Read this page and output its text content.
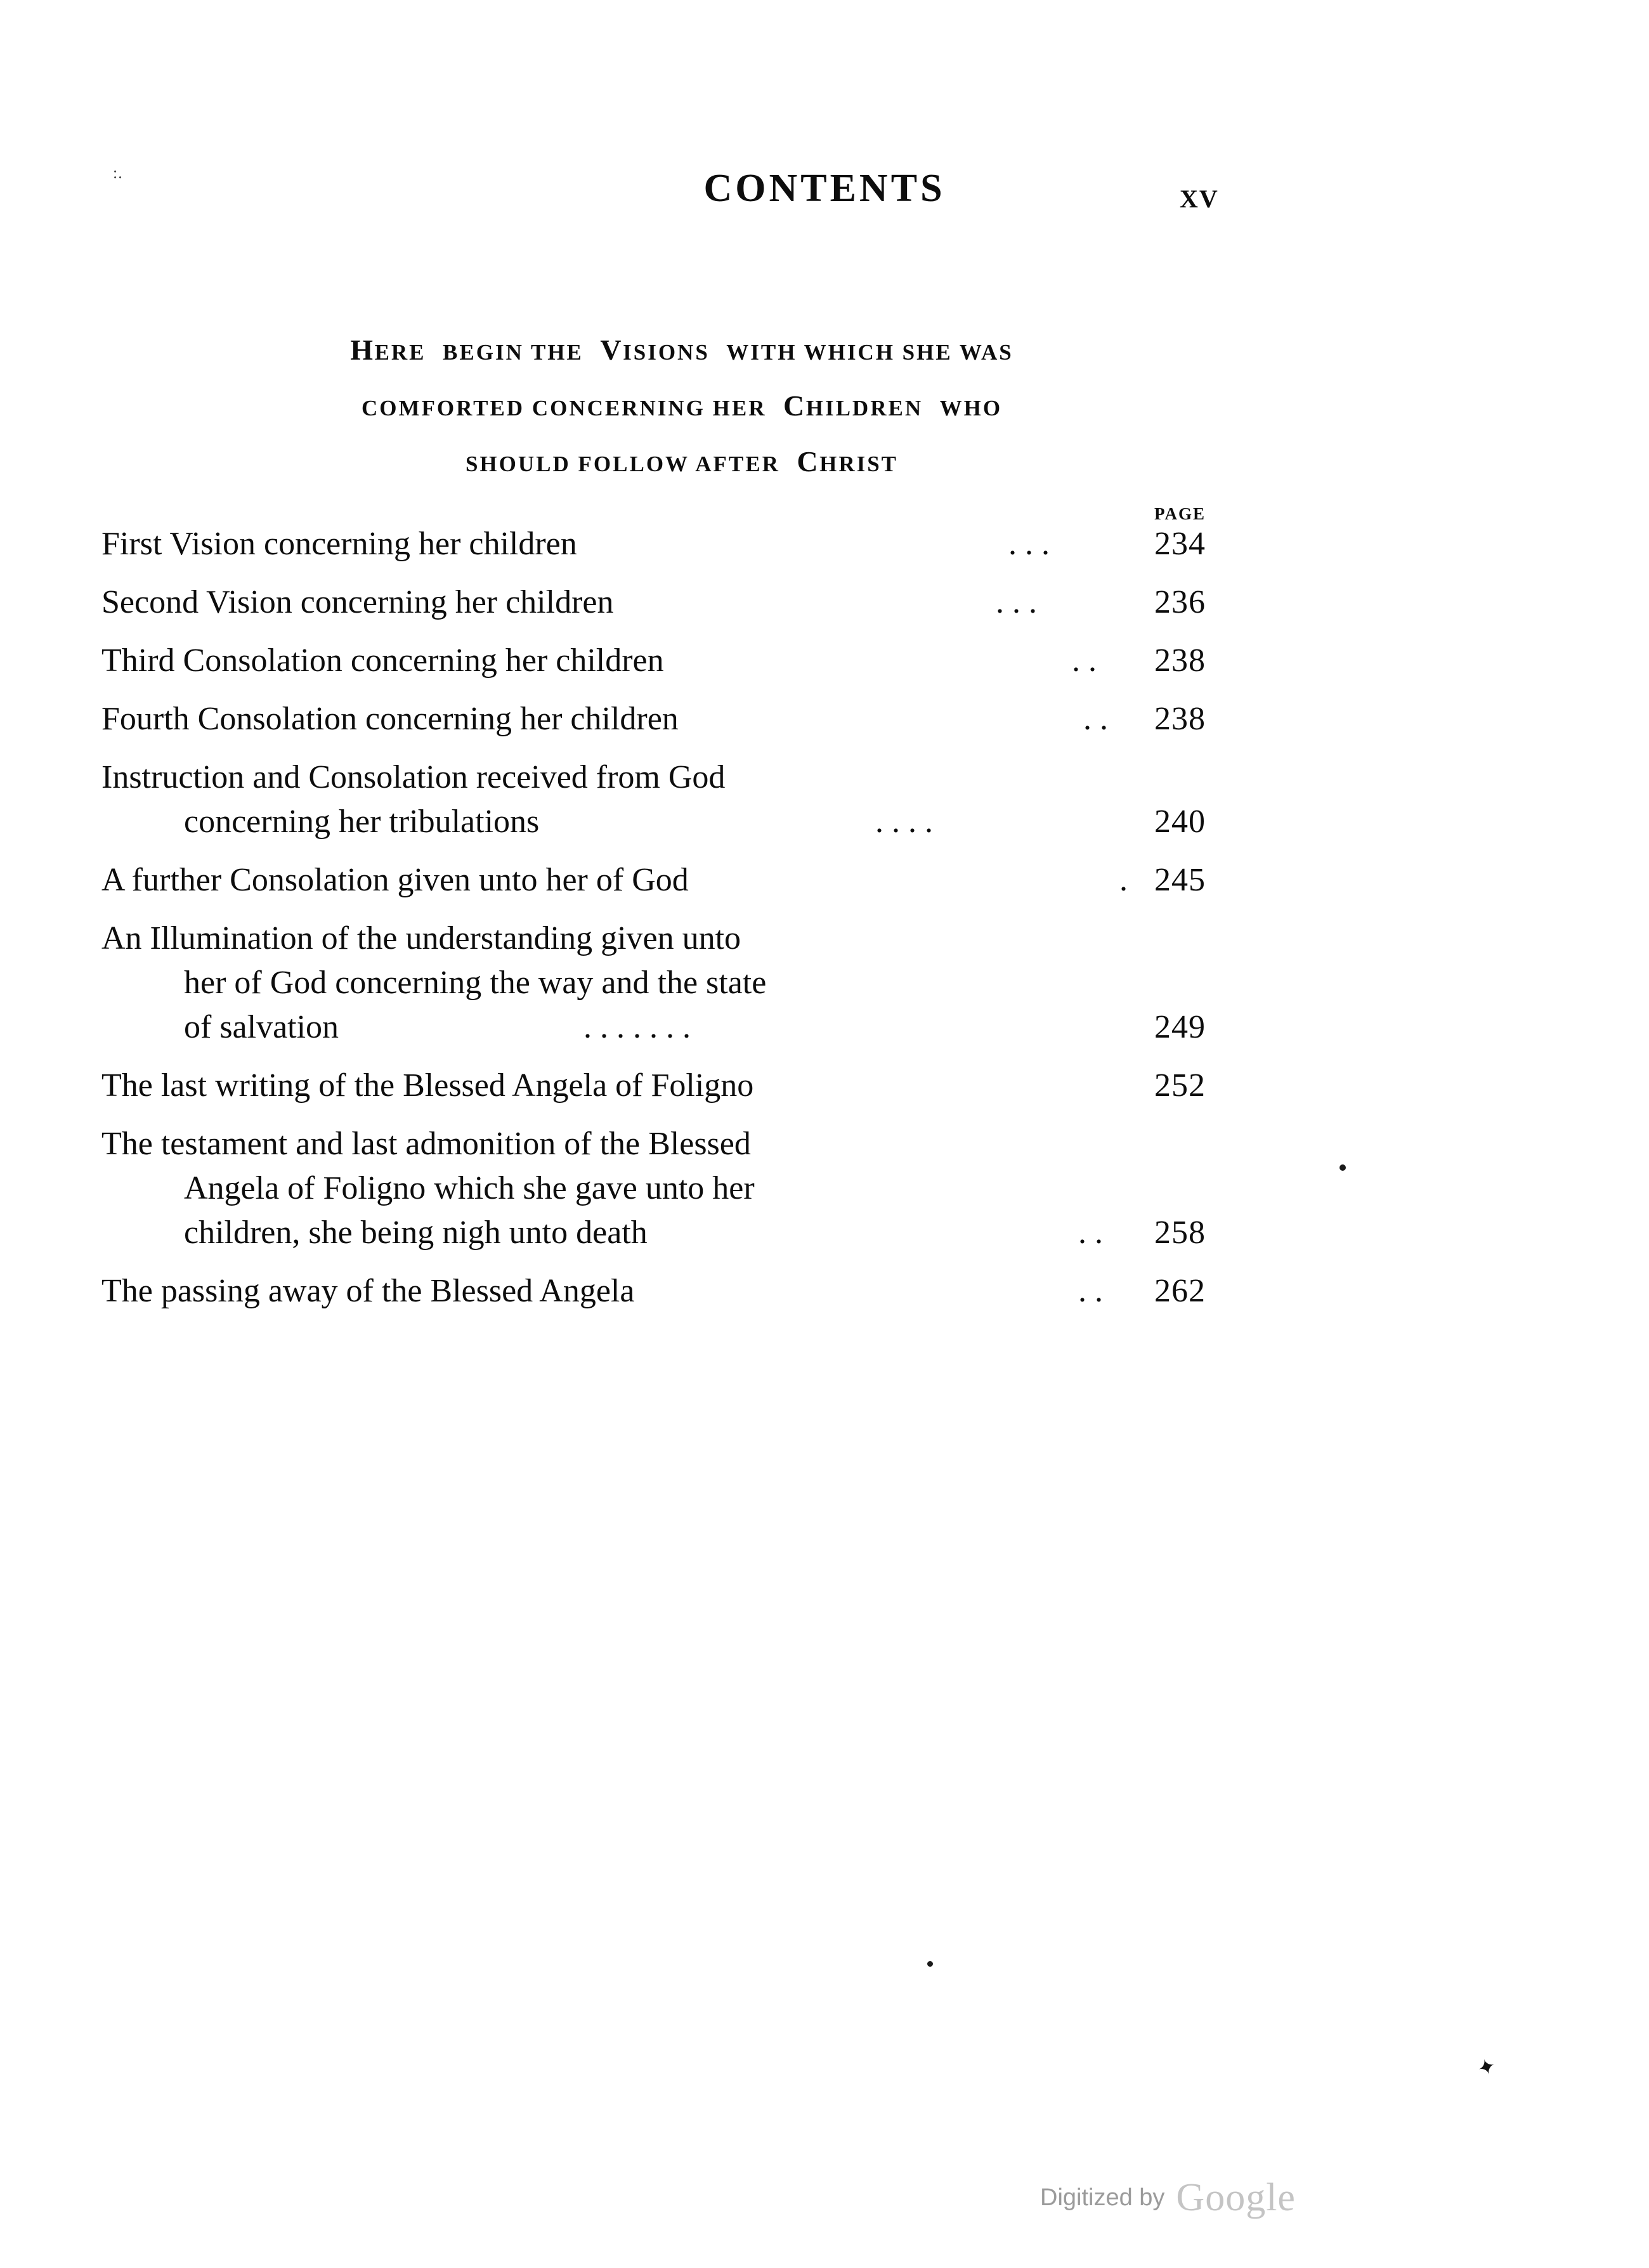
:.	CONTENTS	XV
HERE BEGIN THE VISIONS WITH WHICH SHE WAS
COMFORTED CONCERNING HER CHILDREN WHO
SHOULD FOLLOW AFTER CHRIST
PAGE
First Vision concerning her children	. . .	234
Second Vision concerning her children	. . .	236
Third Consolation concerning her children	. . 238
Fourth Consolation concerning her children	. . 238
Instruction and Consolation received from God
concerning her tribulations	. . . .	240
A further Consolation given unto her of God	. 245
An Illumination of the understanding given unto
her of God concerning the way and the state
of salvation	. . . . . . .	249
The last writing of the Blessed Angela of Foligno	252
The testament and last admonition of the Blessed
Angela of Foligno which she gave unto her
children, she being nigh unto death	. . 258
The passing away of the Blessed Angela	. . 262
✦
Digitized by Google
